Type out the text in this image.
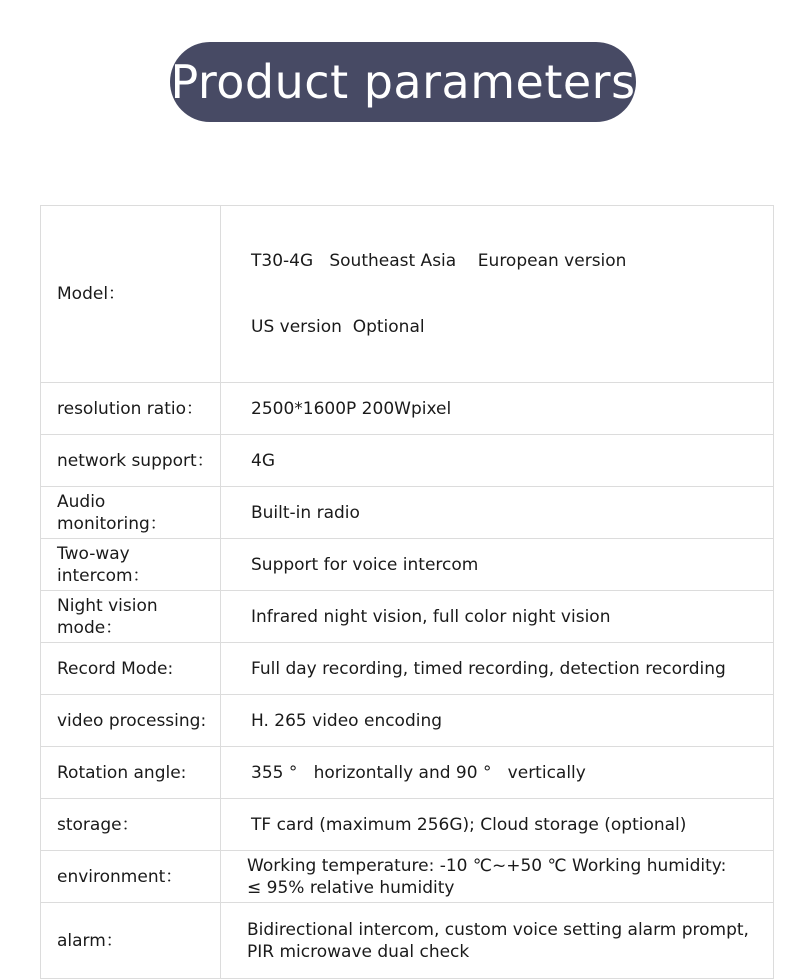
Product parameters
Model：	T30-4G   Southeast Asia    European version

US version  Optional

resolution ratio：	2500*1600P 200Wpixel

network support：	4G

Audio monitoring：	Built-in radio

Two-way intercom：	Support for voice intercom

Night vision mode：	Infrared night vision, full color night vision

Record Mode:	Full day recording, timed recording, detection recording

video processing:	H. 265 video encoding

Rotation angle:	355 °   horizontally and 90 °   vertically

storage：	TF card (maximum 256G); Cloud storage (optional)

environment：	Working temperature: -10 ℃~+50 ℃ Working humidity:
≤ 95% relative humidity

alarm：	Bidirectional intercom, custom voice setting alarm prompt,
PIR microwave dual check
